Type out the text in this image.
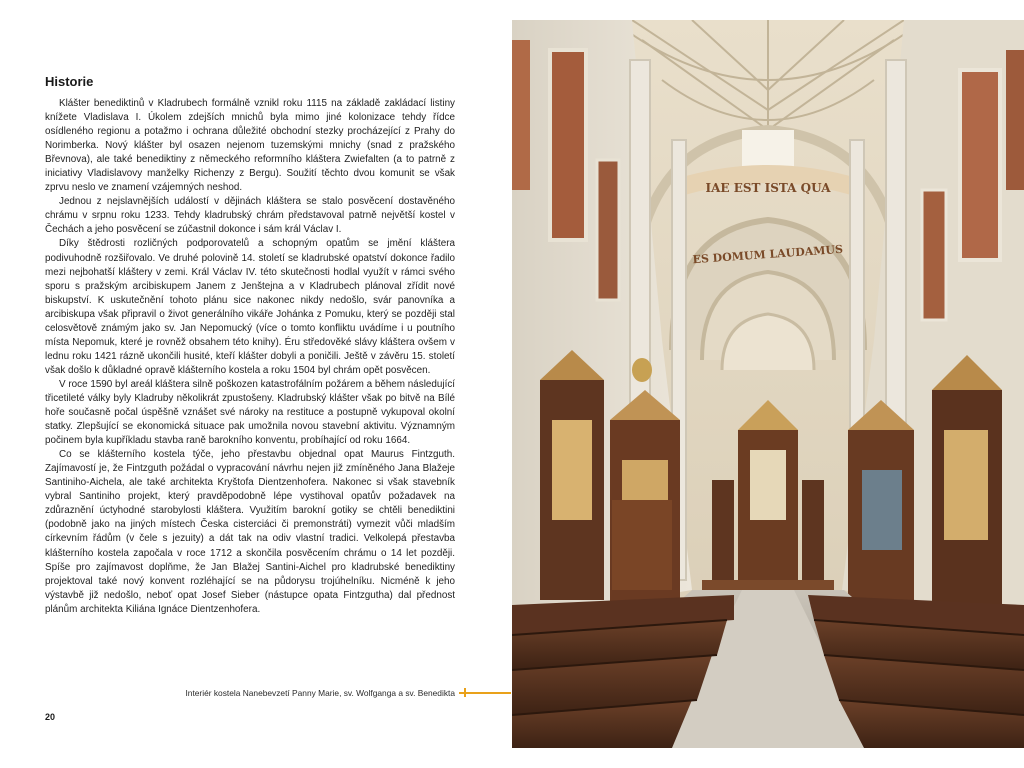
Historie

Klášter benediktinů v Kladrubech formálně vznikl roku 1115 na základě zakládací listiny knížete Vladislava I. Úkolem zdejších mnichů byla mimo jiné kolonizace tehdy řídce osídleného regionu a potažmo i ochrana důležité obchodní stezky procházející z Prahy do Norimberka. Nový klášter byl osazen nejenom tuzemskými mnichy (snad z pražského Břevnova), ale také benediktiny z německého reformního kláštera Zwiefalten (a to patrně z iniciativy Vladislavovy manželky Richenzy z Bergu). Soužití těchto dvou komunit se však zprvu neslo ve znamení vzájemných neshod.

Jednou z nejslavnějších událostí v dějinách kláštera se stalo posvěcení dostavěného chrámu v srpnu roku 1233. Tehdy kladrubský chrám představoval patrně největší kostel v Čechách a jeho posvěcení se zúčastnil dokonce i sám král Václav I.

Díky štědrosti rozličných podporovatelů a schopným opatům se jmění kláštera podivuhodně rozšiřovalo. Ve druhé polovině 14. století se kladrubské opatství dokonce řadilo mezi nejbohatší kláštery v zemi. Král Václav IV. této skutečnosti hodlal využít v rámci svého sporu s pražským arcibiskupem Janem z Jenštejna a v Kladrubech plánoval zřídit nové biskupství. K uskutečnění tohoto plánu sice nakonec nikdy nedošlo, svár panovníka a arcibiskupa však připravil o život generálního vikáře Johánka z Pomuku, který se později stal celosvětově známým jako sv. Jan Nepomucký (více o tomto konfliktu uvádíme i u poutního místa Nepomuk, které je rovněž obsahem této knihy). Éru středověké slávy kláštera ovšem v lednu roku 1421 rázně ukončili husité, kteří klášter dobyli a poničili. Ještě v závěru 15. století však došlo k důkladné opravě klášterního kostela a roku 1504 byl chrám opět posvěcen.

V roce 1590 byl areál kláštera silně poškozen katastrofálním požárem a během následující třicetileté války byly Kladruby několikrát zpustošeny. Kladrubský klášter však po bitvě na Bílé hoře současně počal úspěšně vznášet své nároky na restituce a postupně vykupoval okolní statky. Zlepšující se ekonomická situace pak umožnila novou stavební aktivitu. Významným počinem byla kupříkladu stavba raně barokního konventu, probíhající od roku 1664.

Co se klášterního kostela týče, jeho přestavbu objednal opat Maurus Fintzguth. Zajímavostí je, že Fintzguth požádal o vypracování návrhu nejen již zmíněného Jana Blažeje Santiniho-Aichela, ale také architekta Kryštofa Dientzenhofera. Nakonec si však stavebník vybral Santiniho projekt, který pravděpodobně lépe vystihoval opatův požadavek na zdůraznění úctyhodné starobylosti kláštera. Využitím barokní gotiky se chtěli benediktini (podobně jako na jiných místech Česka cisterciáci či premonstráti) vymezit vůči mladším církevním řádům (v čele s jezuity) a dát tak na odiv vlastní tradici. Velkolepá přestavba klášterního kostela započala v roce 1712 a skončila posvěcením chrámu o 14 let později. Spíše pro zajímavost doplňme, že Jan Blažej Santini-Aichel pro kladrubské benediktiny projektoval také nový konvent rozléhající se na půdorysu trojúhelníku. Nicméně k jeho výstavbě již nedošlo, neboť opat Josef Sieber (nástupce opata Fintzgutha) dal přednost plánům architekta Kiliána Ignáce Dientzenhofera.

Interiér kostela Nanebevzetí Panny Marie, sv. Wolfganga a sv. Benedikta
20
IAE EST ISTA QUA
ES DOMUM LAUDAMUS
